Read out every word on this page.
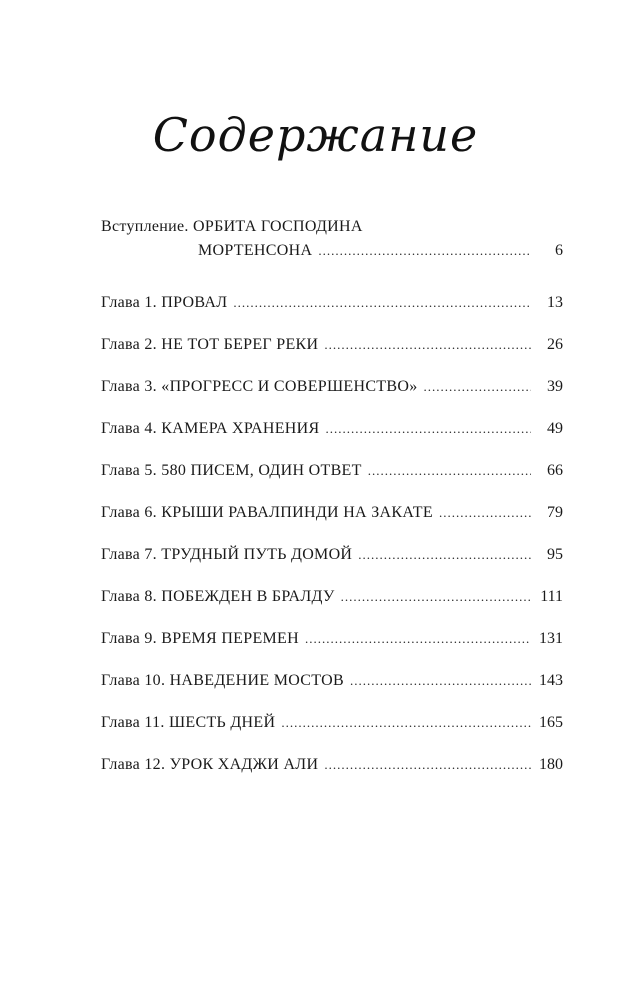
Содержание
Вступление. ОРБИТА ГОСПОДИНА
МОРТЕНСОНА .....	6
Глава 1. ПРОВАЛ .....	13
Глава 2. НЕ ТОТ БЕРЕГ РЕКИ .....	26
Глава 3. «ПРОГРЕСС И СОВЕРШЕНСТВО» .....	39
Глава 4. КАМЕРА ХРАНЕНИЯ .....	49
Глава 5. 580 ПИСЕМ, ОДИН ОТВЕТ .....	66
Глава 6. КРЫШИ РАВАЛПИНДИ НА ЗАКАТЕ .....	79
Глава 7. ТРУДНЫЙ ПУТЬ ДОМОЙ .....	95
Глава 8. ПОБЕЖДЕН В БРАЛДУ .....	111
Глава 9. ВРЕМЯ ПЕРЕМЕН .....	131
Глава 10. НАВЕДЕНИЕ МОСТОВ .....	143
Глава 11. ШЕСТЬ ДНЕЙ .....	165
Глава 12. УРОК ХАДЖИ АЛИ .....	180
